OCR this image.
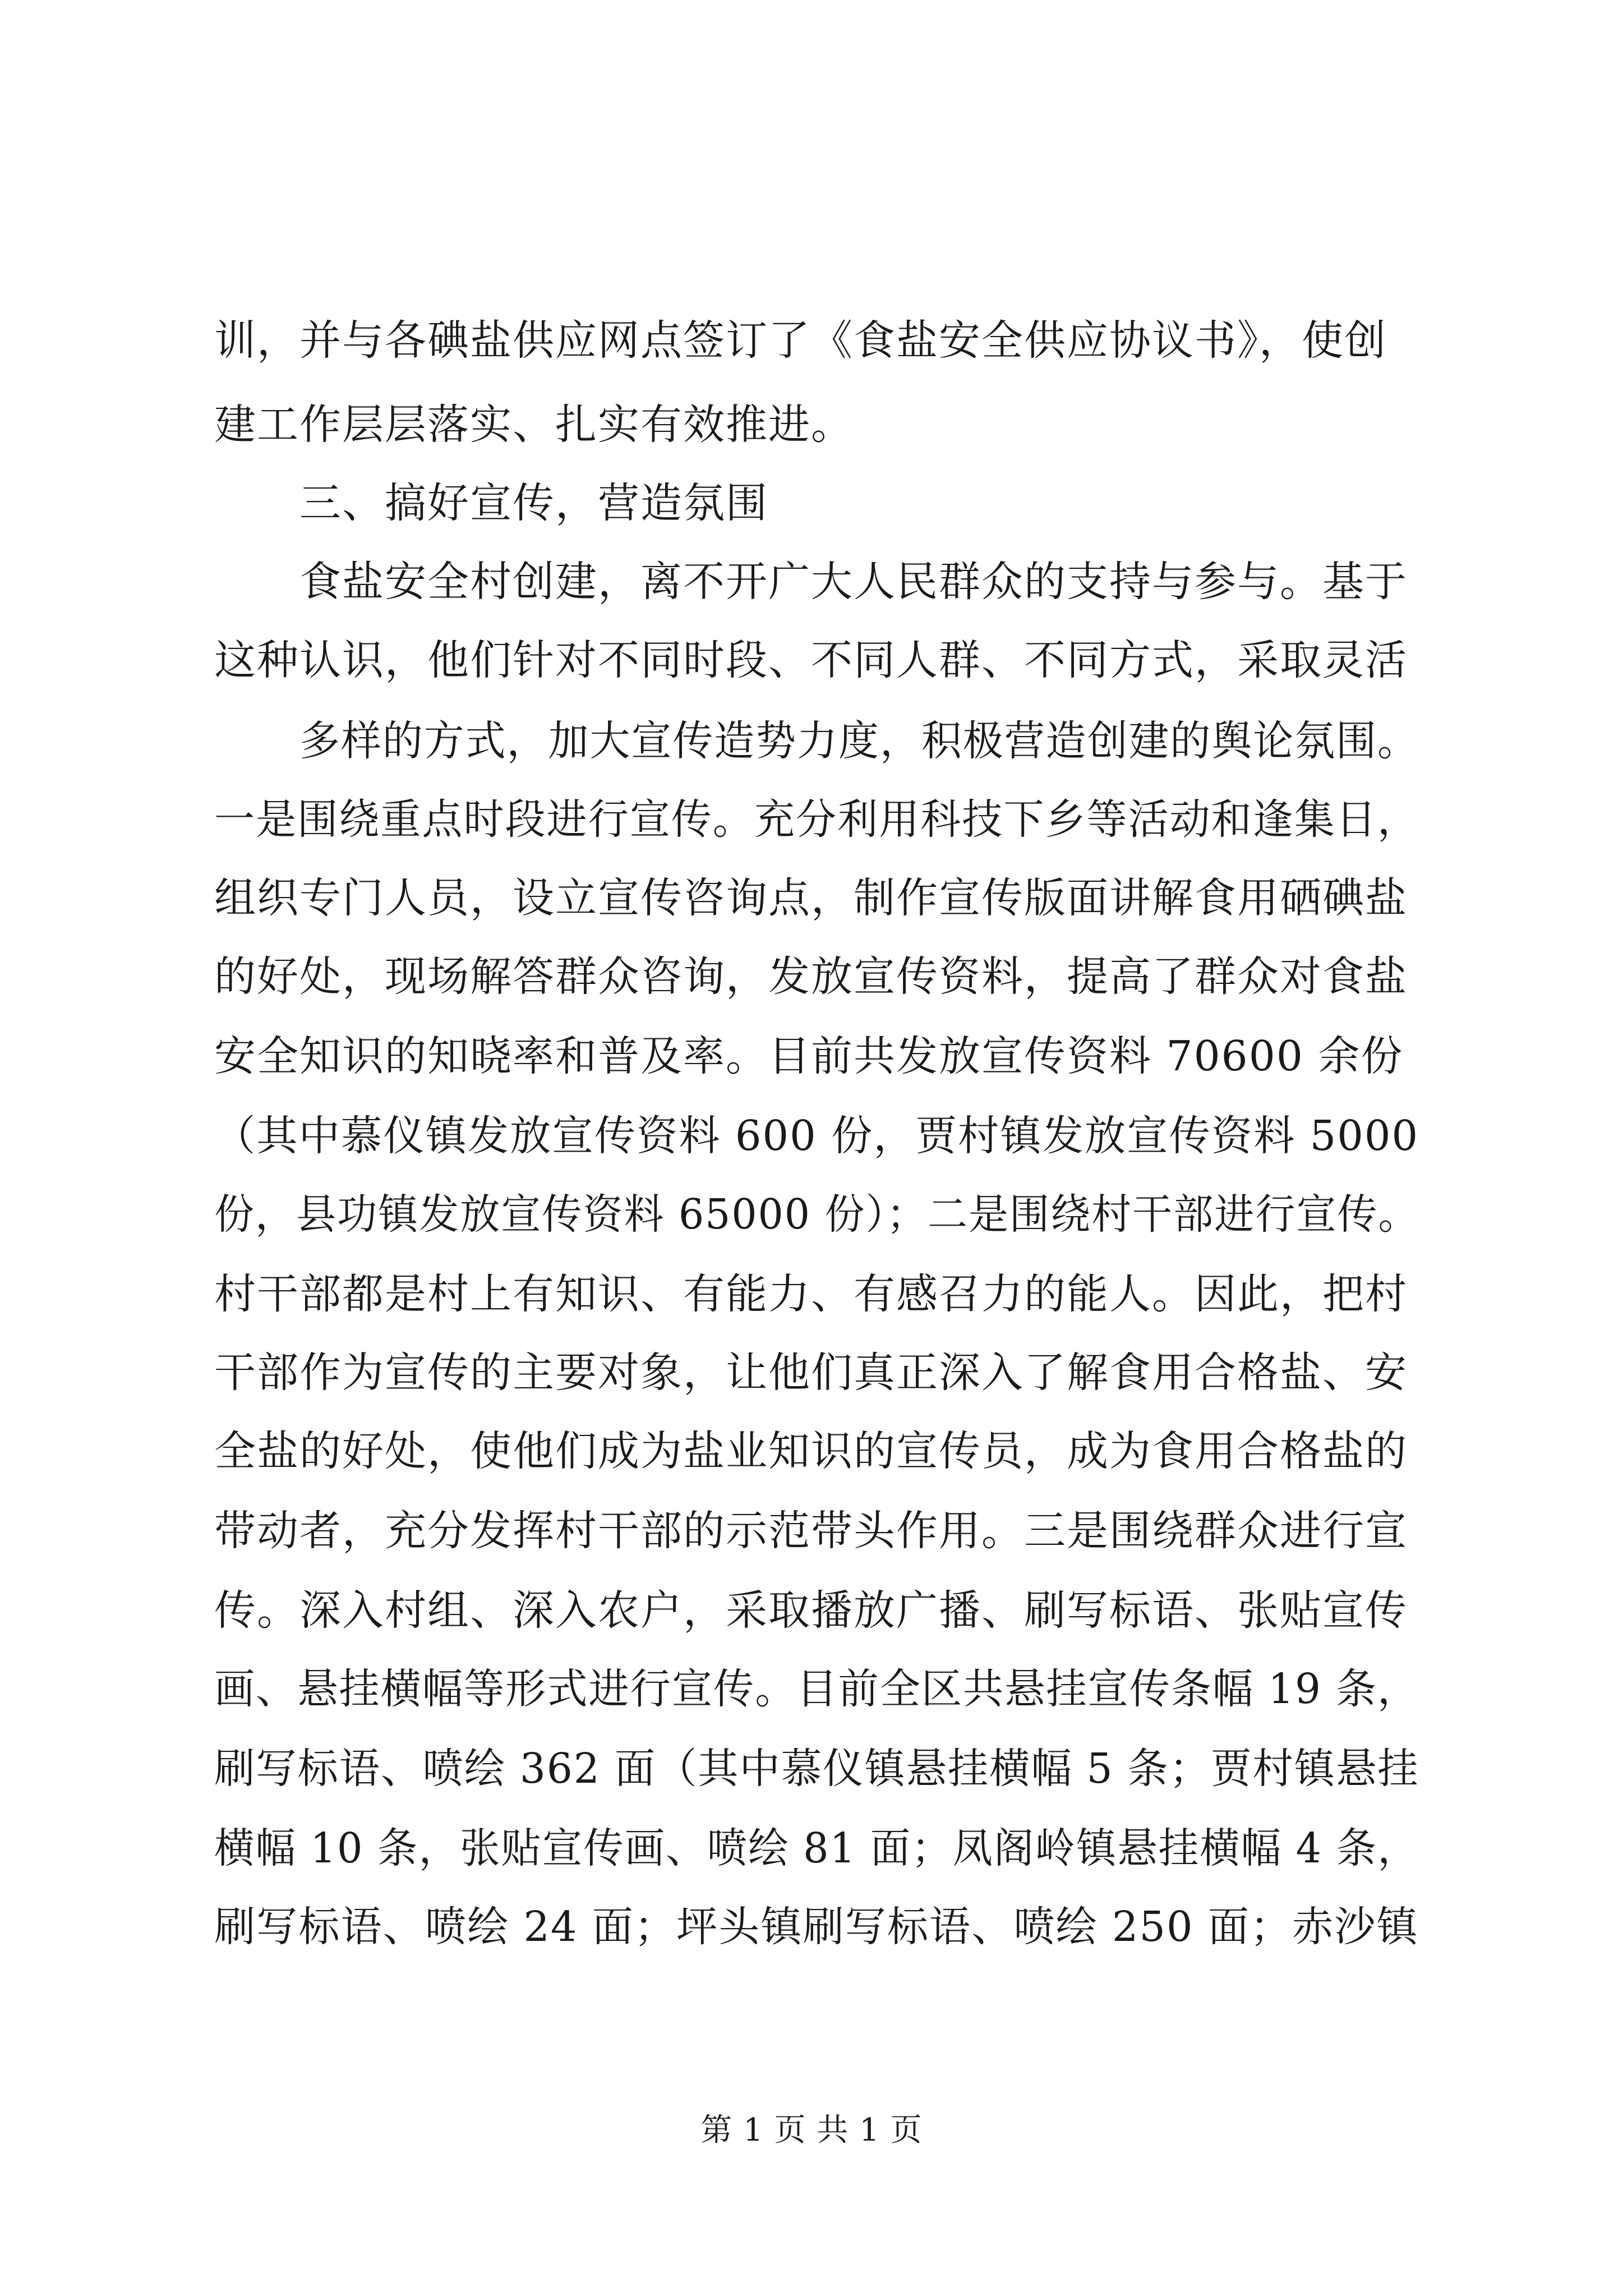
训，并与各碘盐供应网点签订了《食盐安全供应协议书》，使创
建工作层层落实、扎实有效推进。
三、搞好宣传，营造氛围
食盐安全村创建，离不开广大人民群众的支持与参与。基于
这种认识，他们针对不同时段、不同人群、不同方式，采取灵活
多样的方式，加大宣传造势力度，积极营造创建的舆论氛围。
一是围绕重点时段进行宣传。充分利用科技下乡等活动和逢集日，
组织专门人员，设立宣传咨询点，制作宣传版面讲解食用硒碘盐
的好处，现场解答群众咨询，发放宣传资料，提高了群众对食盐
安全知识的知晓率和普及率。目前共发放宣传资料 70600 余份
（其中慕仪镇发放宣传资料 600 份，贾村镇发放宣传资料 5000
份，县功镇发放宣传资料 65000 份）；二是围绕村干部进行宣传。
村干部都是村上有知识、有能力、有感召力的能人。因此，把村
干部作为宣传的主要对象，让他们真正深入了解食用合格盐、安
全盐的好处，使他们成为盐业知识的宣传员，成为食用合格盐的
带动者，充分发挥村干部的示范带头作用。三是围绕群众进行宣
传。深入村组、深入农户，采取播放广播、刷写标语、张贴宣传
画、悬挂横幅等形式进行宣传。目前全区共悬挂宣传条幅 19 条，
刷写标语、喷绘 362 面（其中慕仪镇悬挂横幅 5 条；贾村镇悬挂
横幅 10 条，张贴宣传画、喷绘 81 面；凤阁岭镇悬挂横幅 4 条，
刷写标语、喷绘 24 面；坪头镇刷写标语、喷绘 250 面；赤沙镇
第 1 页 共 1 页
